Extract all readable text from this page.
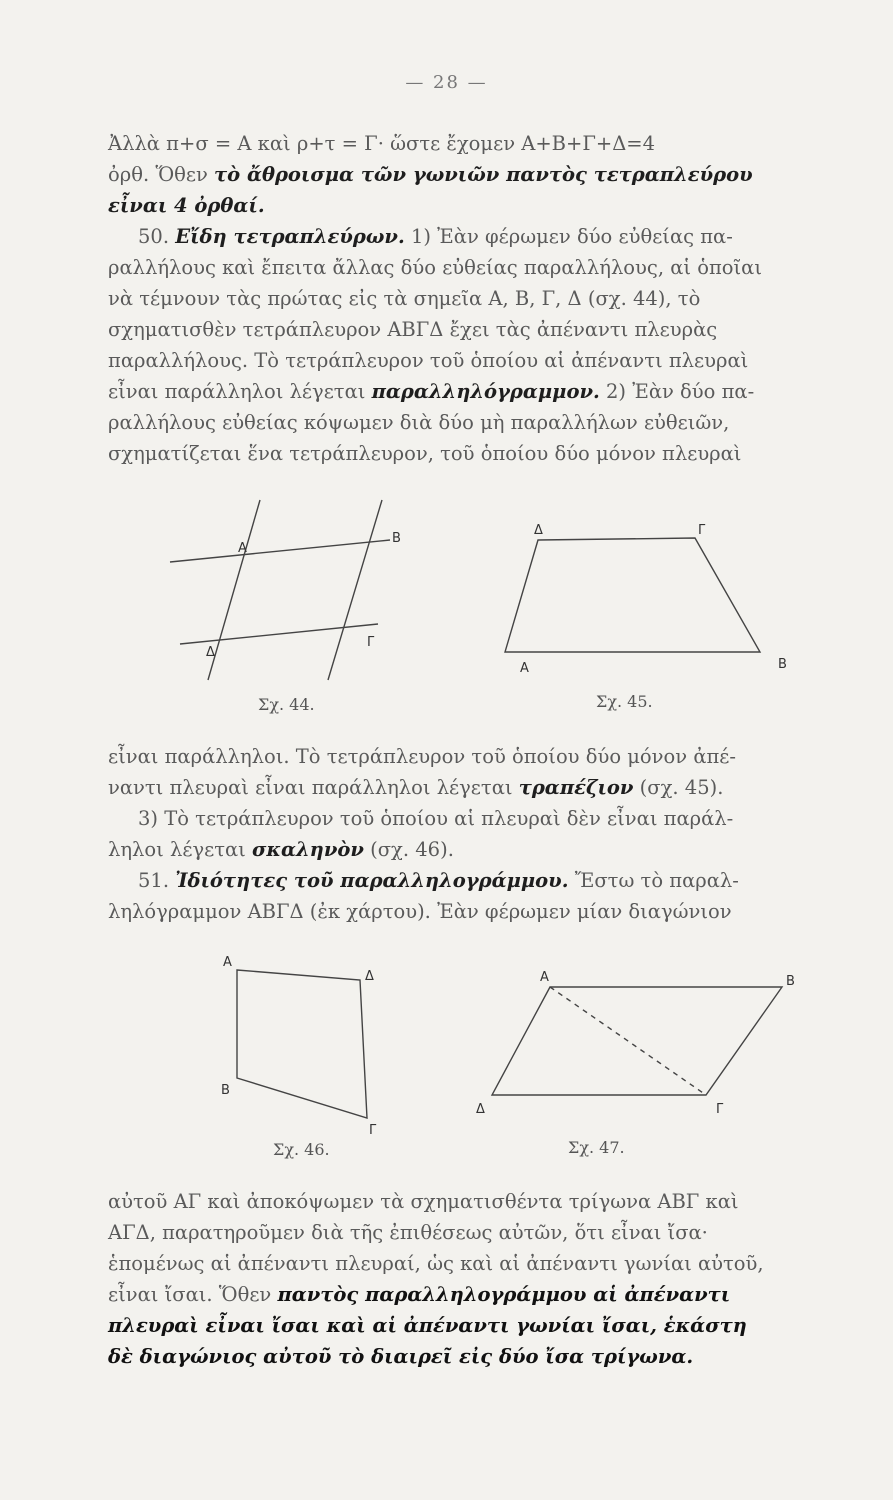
— 28 —
Ἀλλὰ π+σ = Α καὶ ρ+τ = Γ· ὥστε ἔχομεν Α+Β+Γ+Δ=4
ὀρθ. Ὅθεν τὸ ἄθροισμα τῶν γωνιῶν παντὸς τετραπλεύρου
εἶναι 4 ὀρθαί.
50. Εἴδη τετραπλεύρων. 1) Ἐὰν φέρωμεν δύο εὐθείας πα-
ραλλήλους καὶ ἔπειτα ἄλλας δύο εὐθείας παραλλήλους, αἱ ὁποῖαι
νὰ τέμνουν τὰς πρώτας εἰς τὰ σημεῖα Α, Β, Γ, Δ (σχ. 44), τὸ
σχηματισθὲν τετράπλευρον ΑΒΓΔ ἔχει τὰς ἀπέναντι πλευρὰς
παραλλήλους. Τὸ τετράπλευρον τοῦ ὁποίου αἱ ἀπέναντι πλευραὶ
εἶναι παράλληλοι λέγεται παραλληλόγραμμον. 2) Ἐὰν δύο πα-
ραλλήλους εὐθείας κόψωμεν διὰ δύο μὴ παραλλήλων εὐθειῶν,
σχηματίζεται ἕνα τετράπλευρον, τοῦ ὁποίου δύο μόνον πλευραὶ
Α
Β
Γ
Δ
Σχ. 44.
Δ	Γ
Α	B
Σχ. 45.
εἶναι παράλληλοι. Τὸ τετράπλευρον τοῦ ὁποίου δύο μόνον ἀπέ-
ναντι πλευραὶ εἶναι παράλληλοι λέγεται τραπέζιον (σχ. 45).
3) Τὸ τετράπλευρον τοῦ ὁποίου αἱ πλευραὶ δὲν εἶναι παράλ-
ληλοι λέγεται σκαληνὸν (σχ. 46).
51. Ἰδιότητες τοῦ παραλληλογράμμου. Ἔστω τὸ παραλ-
ληλόγραμμον ΑΒΓΔ (ἐκ χάρτου). Ἐὰν φέρωμεν μίαν διαγώνιον
Α
Δ
Β
Γ
Σχ. 46.
Α	Β
Γ
Δ
Σχ. 47.
αὐτοῦ ΑΓ καὶ ἀποκόψωμεν τὰ σχηματισθέντα τρίγωνα ΑΒΓ καὶ
ΑΓΔ, παρατηροῦμεν διὰ τῆς ἐπιθέσεως αὐτῶν, ὅτι εἶναι ἴσα·
ἑπομένως αἱ ἀπέναντι πλευραί, ὡς καὶ αἱ ἀπέναντι γωνίαι αὐτοῦ,
εἶναι ἴσαι. Ὅθεν παντὸς παραλληλογράμμου αἱ ἀπέναντι
πλευραὶ εἶναι ἴσαι καὶ αἱ ἀπέναντι γωνίαι ἴσαι, ἑκάστη
δὲ διαγώνιος αὐτοῦ τὸ διαιρεῖ εἰς δύο ἴσα τρίγωνα.
